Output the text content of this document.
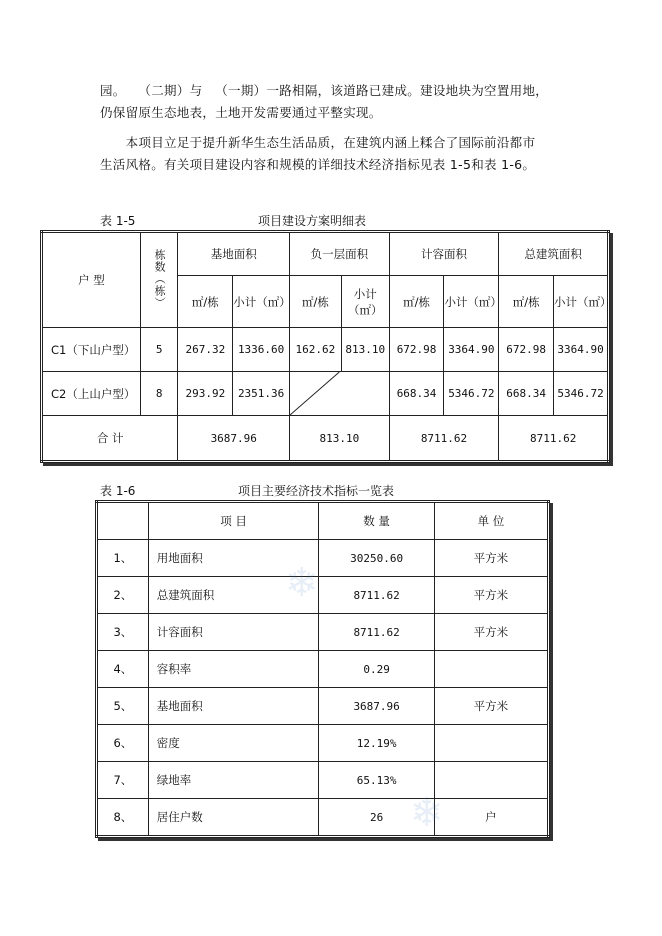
园。   （二期）与   （一期）一路相隔，该道路已建成。建设地块为空置用地，
仍保留原生态地表，土地开发需要通过平整实现。
本项目立足于提升新华生态生活品质，在建筑内涵上糅合了国际前沿都市
生活风格。有关项目建设内容和规模的详细技术经济指标见表 1-5和表 1-6。
表 1-5	项目建设方案明细表
户 型	栋数（栋）	基地面积		负一层面积		计容面积		总建筑面积	
		㎡/栋	小计（㎡）	㎡/栋	小计（㎡）	㎡/栋	小计（㎡）	㎡/栋	小计（㎡）
C1（下山户型）	5	267.32	1336.60	162.62	813.10	672.98	3364.90	672.98	3364.90
C2（上山户型）	8	293.92	2351.36			668.34	5346.72	668.34	5346.72
合 计		3687.96		813.10		8711.62		8711.62	
表 1-6	项目主要经济技术指标一览表
	项 目	数 量	单 位
1、	用地面积	30250.60	平方米
2、	总建筑面积	8711.62	平方米
3、	计容面积	8711.62	平方米
4、	容积率	0.29	
5、	基地面积	3687.96	平方米
6、	密度	12.19%	
7、	绿地率	65.13%	
8、	居住户数	26	户
❄
❄
